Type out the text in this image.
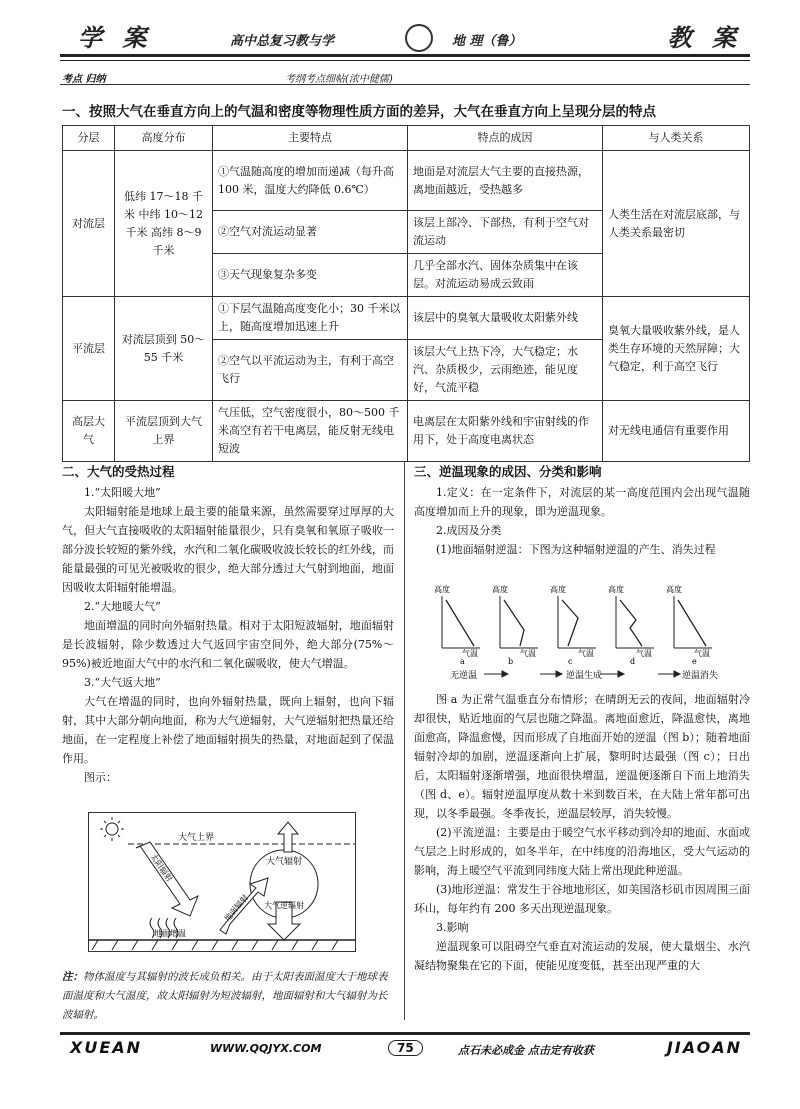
学 案	高中总复习教与学	地 理（鲁）	教 案
考点 归纳	考纲考点细帖(浓中健儒)
一、按照大气在垂直方向上的气温和密度等物理性质方面的差异，大气在垂直方向上呈现分层的特点
分层	高度分布	主要特点	特点的成因	与人类关系
对流层	低纬 17～18 千米 中纬 10～12 千米 高纬 8～9 千米	①气温随高度的增加而递减（每升高 100 米，温度大约降低 0.6℃）	地面是对流层大气主要的直接热源，离地面越近，受热越多	人类生活在对流层底部，与人类关系最密切
		②空气对流运动显著	该层上部冷、下部热，有利于空气对流运动	
		③天气现象复杂多变	几乎全部水汽、固体杂质集中在该层。对流运动易成云致雨	
平流层	对流层顶到 50～55 千米	①下层气温随高度变化小；30 千米以上，随高度增加迅速上升	该层中的臭氧大量吸收太阳紫外线	臭氧大量吸收紫外线，是人类生存环境的天然屏障；大气稳定，利于高空飞行
		②空气以平流运动为主，有利于高空飞行	该层大气上热下冷，大气稳定；水汽、杂质极少，云雨绝迹，能见度好，气流平稳	
高层大气	平流层顶到大气上界	气压低，空气密度很小，80～500 千米高空有若干电离层，能反射无线电短波	电离层在太阳紫外线和宇宙射线的作用下，处于高度电离状态	对无线电通信有重要作用
二、大气的受热过程
1.“太阳暖大地”
太阳辐射能是地球上最主要的能量来源，虽然需要穿过厚厚的大气，但大气直接吸收的太阳辐射能量很少，只有臭氧和氧原子吸收一部分波长较短的紫外线，水汽和二氧化碳吸收波长较长的红外线，而能量最强的可见光被吸收的很少，绝大部分透过大气射到地面，地面因吸收太阳辐射能增温。
2.“大地暖大气”
地面增温的同时向外辐射热量。相对于太阳短波辐射，地面辐射是长波辐射，除少数透过大气返回宇宙空间外，绝大部分(75%～95%)被近地面大气中的水汽和二氧化碳吸收，使大气增温。
3.“大气返大地”
大气在增温的同时，也向外辐射热量，既向上辐射，也向下辐射，其中大部分朝向地面，称为大气逆辐射，大气逆辐射把热量还给地面，在一定程度上补偿了地面辐射损失的热量，对地面起到了保温作用。
图示：
大气上界
太阳辐射	大气辐射
地面辐射 大气逆辐射
地面增温
注：物体温度与其辐射的波长成负相关。由于太阳表面温度大于地球表面温度和大气温度，故太阳辐射为短波辐射，地面辐射和大气辐射为长波辐射。
三、逆温现象的成因、分类和影响
1.定义：在一定条件下，对流层的某一高度范围内会出现气温随高度增加而上升的现象，即为逆温现象。
2.成因及分类
(1)地面辐射逆温：下图为这种辐射逆温的产生、消失过程
高度
气温
a
高度
气温
b
高度
气温
c
高度
气温
d
高度
气温
e
无逆温	逆温生成	逆温消失
图 a 为正常气温垂直分布情形；在晴朗无云的夜间，地面辐射冷却很快，贴近地面的气层也随之降温。离地面愈近，降温愈快，离地面愈高，降温愈慢，因而形成了自地面开始的逆温（图 b）；随着地面辐射冷却的加剧，逆温逐渐向上扩展，黎明时达最强（图 c）；日出后，太阳辐射逐渐增强，地面很快增温，逆温便逐渐自下而上地消失（图 d、e）。辐射逆温厚度从数十米到数百米，在大陆上常年都可出现，以冬季最强。冬季夜长，逆温层较厚，消失较慢。
(2)平流逆温：主要是由于暖空气水平移动到冷却的地面、水面或气层之上时形成的，如冬半年，在中纬度的沿海地区，受大气运动的影响，海上暖空气平流到同纬度大陆上常出现此种逆温。
(3)地形逆温：常发生于谷地地形区，如美国洛杉矶市因周围三面环山，每年约有 200 多天出现逆温现象。
3.影响
逆温现象可以阻碍空气垂直对流运动的发展，使大量烟尘、水汽凝结物聚集在它的下面，使能见度变低，甚至出现严重的大
XUEAN	WWW.QQJYX.COM	75	点石未必成金 点击定有收获	JIAOAN
